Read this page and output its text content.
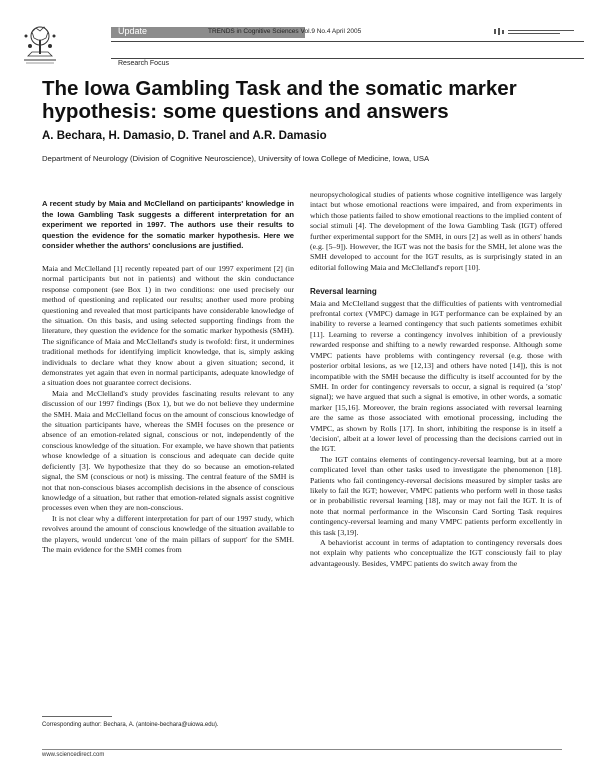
Update	TRENDS in Cognitive Sciences Vol.9 No.4 April 2005
Research Focus
The Iowa Gambling Task and the somatic marker hypothesis: some questions and answers
A. Bechara, H. Damasio, D. Tranel and A.R. Damasio
Department of Neurology (Division of Cognitive Neuroscience), University of Iowa College of Medicine, Iowa, USA

A recent study by Maia and McClelland on participants' knowledge in the Iowa Gambling Task suggests a different interpretation for an experiment we reported in 1997. The authors use their results to question the evidence for the somatic marker hypothesis. Here we consider whether the authors' conclusions are justified.

Maia and McClelland [1] recently repeated part of our 1997 experiment [2] (in normal participants but not in patients) and without the skin conductance response component (see Box 1) in two conditions: one used precisely our method of questioning and replicated our results; another used more probing questioning and revealed that most participants have considerable knowledge of the situation. On this basis, and using selected supporting findings from the literature, they question the evidence for the somatic marker hypothesis (SMH). The significance of Maia and McClelland's study is twofold: first, it undermines traditional methods for identifying implicit knowledge, that is, simply asking individuals to declare what they know about a given situation; second, it demonstrates yet again that even in normal participants, adequate knowledge of a situation does not guarantee correct decisions.

Maia and McClelland's study provides fascinating results relevant to any discussion of our 1997 findings (Box 1), but we do not believe they undermine the SMH. Maia and McClelland focus on the amount of conscious knowledge of the situation participants have, whereas the SMH focuses on the presence or absence of an emotion-related signal, conscious or not, independently of the conscious knowledge of the situation. For example, we have shown that patients whose knowledge of a situation is conscious and adequate can decide quite deficiently [3]. We hypothesize that they do so because an emotion-related signal, the SM (conscious or not) is missing. The central feature of the SMH is not that non-conscious biases accomplish decisions in the absence of conscious knowledge of a situation, but rather that emotion-related signals assist cognitive processes even when they are non-conscious.

It is not clear why a different interpretation for part of our 1997 study, which revolves around the amount of conscious knowledge of the situation available to the players, would undercut 'one of the main pillars of support' for the SMH. The main evidence for the SMH comes from

neuropsychological studies of patients whose cognitive intelligence was largely intact but whose emotional reactions were impaired, and from experiments in which those patients failed to show emotional reactions to the implied content of social stimuli [4]. The development of the Iowa Gambling Task (IGT) offered further experimental support for the SMH, in ours [2] as well as in others' hands (e.g. [5–9]). However, the IGT was not the basis for the SMH, let alone was the SMH developed to account for the IGT results, as is surprisingly stated in an editorial following Maia and McClelland's report [10].

Reversal learning

Maia and McClelland suggest that the difficulties of patients with ventromedial prefrontal cortex (VMPC) damage in IGT performance can be explained by an inability to reverse a learned contingency that such patients sometimes exhibit [11]. Learning to reverse a contingency involves inhibition of a previously rewarded response and shifting to a newly rewarded response. Although some VMPC patients have problems with contingency reversal (e.g. those with posterior orbital lesions, as we [12,13] and others have noted [14]), this is not incompatible with the SMH because the difficulty is itself accounted for by the SMH. In order for contingency reversals to occur, a signal is required (a 'stop' signal); we have argued that such a signal is emotive, in other words, a somatic marker [15,16]. Moreover, the brain regions associated with reversal learning are the same as those associated with emotional processing, including the VMPC, as shown by Rolls [17]. In short, inhibiting the response is in itself a 'decision', albeit at a lower level of processing than the decisions carried out in the IGT.

The IGT contains elements of contingency-reversal learning, but at a more complicated level than other tasks used to investigate the phenomenon [18]. Patients who fail contingency-reversal decisions measured by simpler tasks are likely to fail the IGT; however, VMPC patients who perform well in those tasks or in probabilistic reversal learning [18], may or may not fail the IGT. It is of note that normal performance in the Wisconsin Card Sorting Task requires contingency-reversal learning and many VMPC patients perform excellently in this task [3,19].

A behaviorist account in terms of adaptation to contingency reversals does not explain why patients who conceptualize the IGT consciously fail to play advantageously. Besides, VMPC patients do switch away from the

Corresponding author: Bechara, A. (antoine-bechara@uiowa.edu).
www.sciencedirect.com
